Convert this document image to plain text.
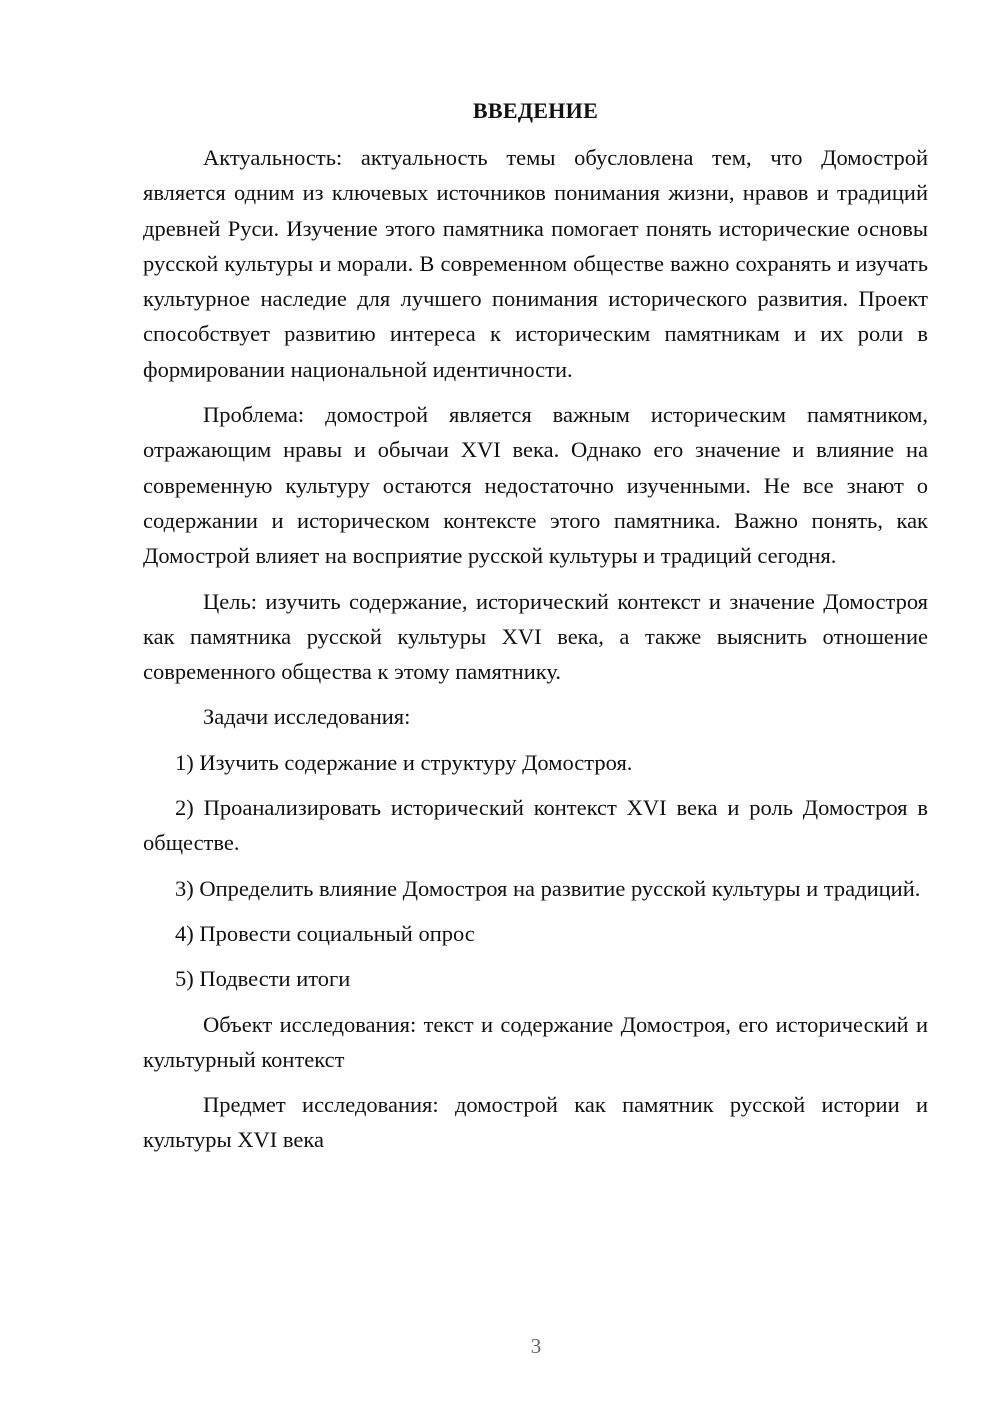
ВВЕДЕНИЕ

Актуальность: актуальность темы обусловлена тем, что Домострой является одним из ключевых источников понимания жизни, нравов и традиций древней Руси. Изучение этого памятника помогает понять исторические основы русской культуры и морали. В современном обществе важно сохранять и изучать культурное наследие для лучшего понимания исторического развития. Проект способствует развитию интереса к историческим памятникам и их роли в формировании национальной идентичности.

Проблема: домострой является важным историческим памятником, отражающим нравы и обычаи XVI века. Однако его значение и влияние на современную культуру остаются недостаточно изученными. Не все знают о содержании и историческом контексте этого памятника. Важно понять, как Домострой влияет на восприятие русской культуры и традиций сегодня.

Цель: изучить содержание, исторический контекст и значение Домостроя как памятника русской культуры XVI века, а также выяснить отношение современного общества к этому памятнику.

Задачи исследования:

1) Изучить содержание и структуру Домостроя.

2) Проанализировать исторический контекст XVI века и роль Домостроя в обществе.

3) Определить влияние Домостроя на развитие русской культуры и традиций.

4) Провести социальный опрос

5) Подвести итоги

Объект исследования: текст и содержание Домостроя, его исторический и культурный контекст

Предмет исследования: домострой как памятник русской истории и культуры XVI века

3
